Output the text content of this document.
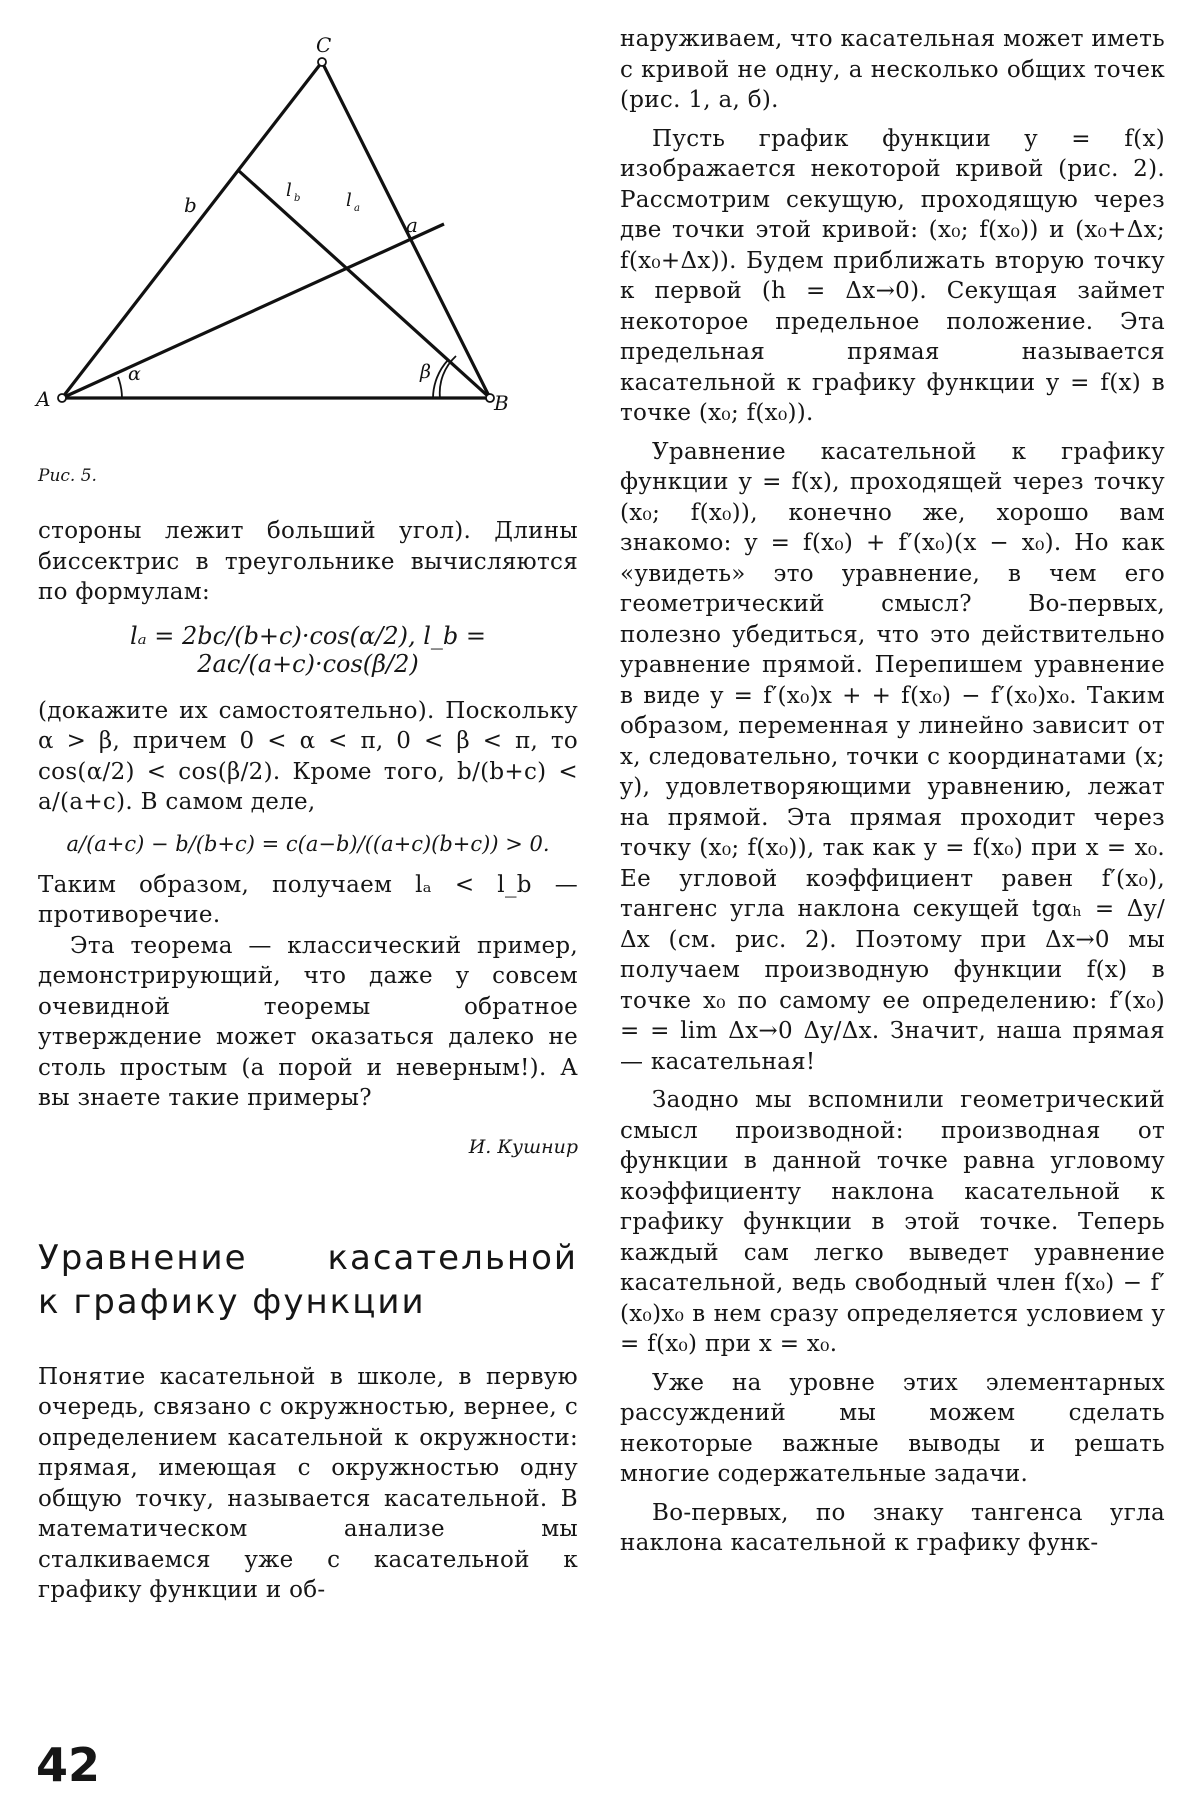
C
A	B
a
b
l b	l a
α	β
Рис. 5.

стороны лежит больший угол). Длины биссектрис в треугольнике вычисляются по формулам:

lₐ = 2bc/(b+c)·cos(α/2), l_b = 2ac/(a+c)·cos(β/2)

(докажите их самостоятельно). Поскольку α > β, причем 0 < α < π, 0 < β < π, то cos(α/2) < cos(β/2). Кроме того, b/(b+c) < a/(a+c). В самом деле,

a/(a+c) − b/(b+c) = c(a−b)/((a+c)(b+c)) > 0.

Таким образом, получаем lₐ < l_b — противоречие.

Эта теорема — классический пример, демонстрирующий, что даже у совсем очевидной теоремы обратное утверждение может оказаться далеко не столь простым (а порой и неверным!). А вы знаете такие примеры?

И. Кушнир
Уравнение касательной
к графику функции

Понятие касательной в школе, в первую очередь, связано с окружностью, вернее, с определением касательной к окружности: прямая, имеющая с окружностью одну общую точку, называется касательной. В математическом анализе мы сталкиваемся уже с касательной к графику функции и об-

наруживаем, что касательная может иметь с кривой не одну, а несколько общих точек (рис. 1, а, б).

Пусть график функции y = f(x) изображается некоторой кривой (рис. 2). Рассмотрим секущую, проходящую через две точки этой кривой: (x₀; f(x₀)) и (x₀+Δx; f(x₀+Δx)). Будем приближать вторую точку к первой (h = Δx→0). Секущая займет некоторое предельное положение. Эта предельная прямая называется касательной к графику функции y = f(x) в точке (x₀; f(x₀)).

Уравнение касательной к графику функции y = f(x), проходящей через точку (x₀; f(x₀)), конечно же, хорошо вам знакомо: y = f(x₀) + f′(x₀)(x − x₀). Но как «увидеть» это уравнение, в чем его геометрический смысл? Во-первых, полезно убедиться, что это действительно уравнение прямой. Перепишем уравнение в виде y = f′(x₀)x + + f(x₀) − f′(x₀)x₀. Таким образом, переменная y линейно зависит от x, следовательно, точки с координатами (x; y), удовлетворяющими уравнению, лежат на прямой. Эта прямая проходит через точку (x₀; f(x₀)), так как y = f(x₀) при x = x₀. Ее угловой коэффициент равен f′(x₀), тангенс угла наклона секущей tgαₕ = Δy/Δx (см. рис. 2). Поэтому при Δx→0 мы получаем производную функции f(x) в точке x₀ по самому ее определению: f′(x₀) = = lim Δx→0 Δy/Δx. Значит, наша прямая — касательная!

Заодно мы вспомнили геометрический смысл производной: производная от функции в данной точке равна угловому коэффициенту наклона касательной к графику функции в этой точке. Теперь каждый сам легко выведет уравнение касательной, ведь свободный член f(x₀) − f′(x₀)x₀ в нем сразу определяется условием y = f(x₀) при x = x₀.

Уже на уровне этих элементарных рассуждений мы можем сделать некоторые важные выводы и решать многие содержательные задачи.

Во-первых, по знаку тангенса угла наклона касательной к графику функ-

42
